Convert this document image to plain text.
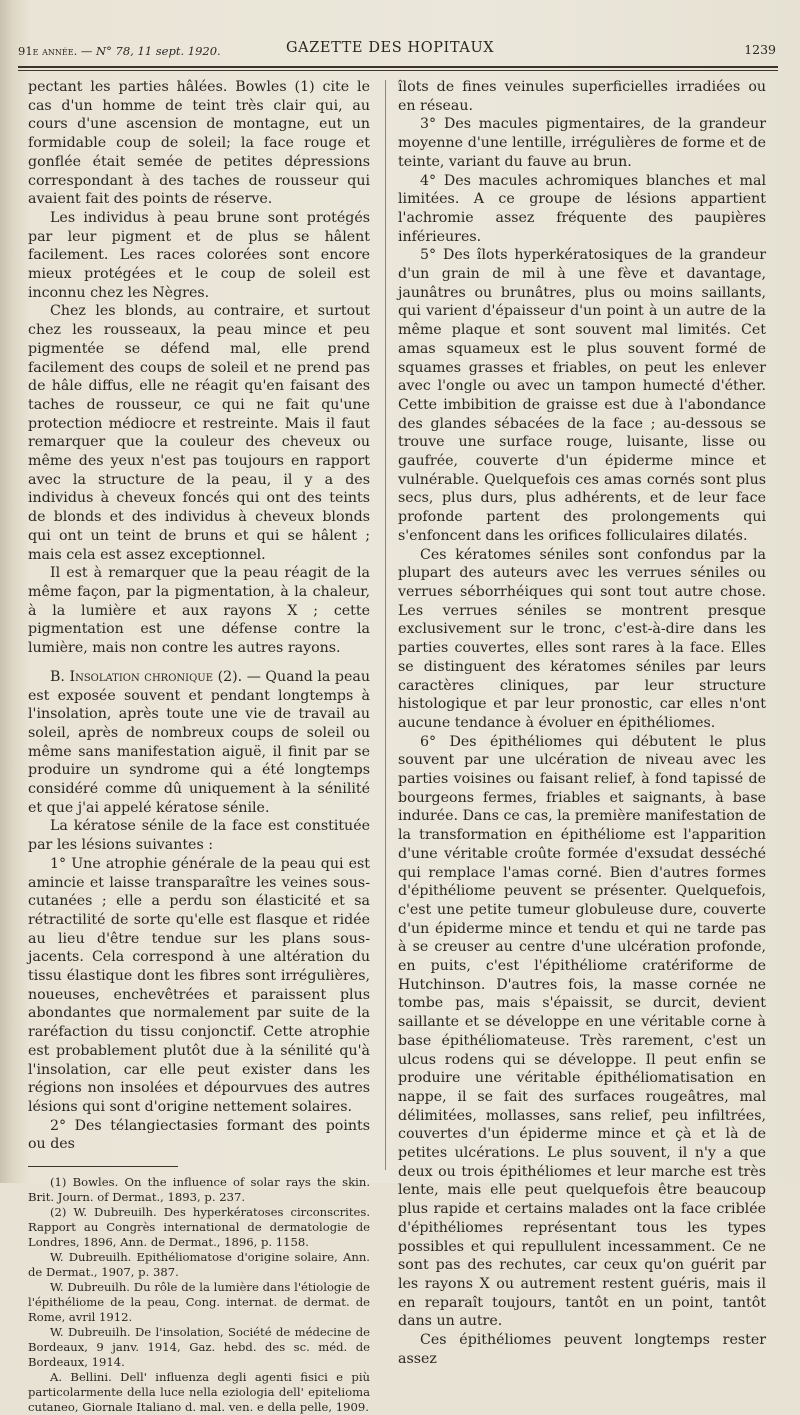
91e année. — N° 78, 11 sept. 1920.	GAZETTE DES HOPITAUX	1239

pectant les parties hâlées. Bowles (1) cite le cas d'un homme de teint très clair qui, au cours d'une ascension de montagne, eut un formidable coup de soleil; la face rouge et gonflée était semée de petites dépressions correspondant à des taches de rousseur qui avaient fait des points de réserve.

Les individus à peau brune sont protégés par leur pigment et de plus se hâlent facilement. Les races colorées sont encore mieux protégées et le coup de soleil est inconnu chez les Nègres.

Chez les blonds, au contraire, et surtout chez les rousseaux, la peau mince et peu pigmentée se défend mal, elle prend facilement des coups de soleil et ne prend pas de hâle diffus, elle ne réagit qu'en faisant des taches de rousseur, ce qui ne fait qu'une protection médiocre et restreinte. Mais il faut remarquer que la couleur des cheveux ou même des yeux n'est pas toujours en rapport avec la structure de la peau, il y a des individus à cheveux foncés qui ont des teints de blonds et des individus à cheveux blonds qui ont un teint de bruns et qui se hâlent ; mais cela est assez exceptionnel.

Il est à remarquer que la peau réagit de la même façon, par la pigmentation, à la chaleur, à la lumière et aux rayons X ; cette pigmentation est une défense contre la lumière, mais non contre les autres rayons.

B. Insolation chronique (2). — Quand la peau est exposée souvent et pendant longtemps à l'insolation, après toute une vie de travail au soleil, après de nombreux coups de soleil ou même sans manifestation aiguë, il finit par se produire un syndrome qui a été longtemps considéré comme dû uniquement à la sénilité et que j'ai appelé kératose sénile.

La kératose sénile de la face est constituée par les lésions suivantes :

1° Une atrophie générale de la peau qui est amincie et laisse transparaître les veines sous-cutanées ; elle a perdu son élasticité et sa rétractilité de sorte qu'elle est flasque et ridée au lieu d'être tendue sur les plans sous-jacents. Cela correspond à une altération du tissu élastique dont les fibres sont irrégulières, noueuses, enchevêtrées et paraissent plus abondantes que normalement par suite de la raréfaction du tissu conjonctif. Cette atrophie est probablement plutôt due à la sénilité qu'à l'insolation, car elle peut exister dans les régions non insolées et dépourvues des autres lésions qui sont d'origine nettement solaires.

2° Des télangiectasies formant des points ou des

(1) Bowles. On the influence of solar rays the skin. Brit. Journ. of Dermat., 1893, p. 237.

(2) W. Dubreuilh. Des hyperkératoses circonscrites. Rapport au Congrès international de dermatologie de Londres, 1896, Ann. de Dermat., 1896, p. 1158.

W. Dubreuilh. Epithéliomatose d'origine solaire, Ann. de Dermat., 1907, p. 387.

W. Dubreuilh. Du rôle de la lumière dans l'étiologie de l'épithéliome de la peau, Cong. internat. de dermat. de Rome, avril 1912.

W. Dubreuilh. De l'insolation, Société de médecine de Bordeaux, 9 janv. 1914, Gaz. hebd. des sc. méd. de Bordeaux, 1914.

A. Bellini. Dell' influenza degli agenti fisici e più particolarmente della luce nella eziologia dell' epitelioma cutaneo, Giornale Italiano d. mal. ven. e della pelle, 1909.

îlots de fines veinules superficielles irradiées ou en réseau.

3° Des macules pigmentaires, de la grandeur moyenne d'une lentille, irrégulières de forme et de teinte, variant du fauve au brun.

4° Des macules achromiques blanches et mal limitées. A ce groupe de lésions appartient l'achromie assez fréquente des paupières inférieures.

5° Des îlots hyperkératosiques de la grandeur d'un grain de mil à une fève et davantage, jaunâtres ou brunâtres, plus ou moins saillants, qui varient d'épaisseur d'un point à un autre de la même plaque et sont souvent mal limités. Cet amas squameux est le plus souvent formé de squames grasses et friables, on peut les enlever avec l'ongle ou avec un tampon humecté d'éther. Cette imbibition de graisse est due à l'abondance des glandes sébacées de la face ; au-dessous se trouve une surface rouge, luisante, lisse ou gaufrée, couverte d'un épiderme mince et vulnérable. Quelquefois ces amas cornés sont plus secs, plus durs, plus adhérents, et de leur face profonde partent des prolongements qui s'enfoncent dans les orifices folliculaires dilatés.

Ces kératomes séniles sont confondus par la plupart des auteurs avec les verrues séniles ou verrues séborrhéiques qui sont tout autre chose. Les verrues séniles se montrent presque exclusivement sur le tronc, c'est-à-dire dans les parties couvertes, elles sont rares à la face. Elles se distinguent des kératomes séniles par leurs caractères cliniques, par leur structure histologique et par leur pronostic, car elles n'ont aucune tendance à évoluer en épithéliomes.

6° Des épithéliomes qui débutent le plus souvent par une ulcération de niveau avec les parties voisines ou faisant relief, à fond tapissé de bourgeons fermes, friables et saignants, à base indurée. Dans ce cas, la première manifestation de la transformation en épithéliome est l'apparition d'une véritable croûte formée d'exsudat desséché qui remplace l'amas corné. Bien d'autres formes d'épithéliome peuvent se présenter. Quelquefois, c'est une petite tumeur globuleuse dure, couverte d'un épiderme mince et tendu et qui ne tarde pas à se creuser au centre d'une ulcération profonde, en puits, c'est l'épithéliome cratériforme de Hutchinson. D'autres fois, la masse cornée ne tombe pas, mais s'épaissit, se durcit, devient saillante et se développe en une véritable corne à base épithéliomateuse. Très rarement, c'est un ulcus rodens qui se développe. Il peut enfin se produire une véritable épithéliomatisation en nappe, il se fait des surfaces rougeâtres, mal délimitées, mollasses, sans relief, peu infiltrées, couvertes d'un épiderme mince et çà et là de petites ulcérations. Le plus souvent, il n'y a que deux ou trois épithéliomes et leur marche est très lente, mais elle peut quelquefois être beaucoup plus rapide et certains malades ont la face criblée d'épithéliomes représentant tous les types possibles et qui repullulent incessamment. Ce ne sont pas des rechutes, car ceux qu'on guérit par les rayons X ou autrement restent guéris, mais il en reparaît toujours, tantôt en un point, tantôt dans un autre.

Ces épithéliomes peuvent longtemps rester assez
